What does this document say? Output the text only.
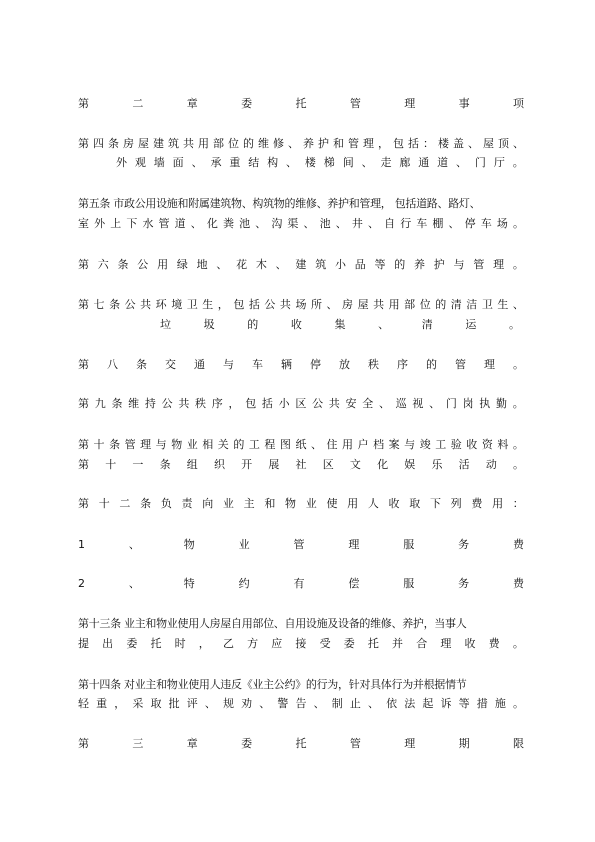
第	二	章	委	托	管	理	事	项
第 四 条 房 屋 建 筑 共 用 部 位 的 维 修 、 养 护 和 管 理 ， 包 括 ： 楼 盖 、 屋 顶 、
外 观 墙 面 、 承 重 结 构 、 楼 梯 间 、 走 廊 通 道 、 门 厅 。
第五条 市政公用设施和附属建筑物、构筑物的维修、养护和管理， 包括道路、路灯、
室 外 上 下 水 管 道 、 化 粪 池 、 沟 渠 、 池 、 井 、 自 行 车 棚 、 停 车 场 。
第 六 条 公 用 绿 地 、 花 木 、 建 筑 小 品 等 的 养 护 与 管 理 。
第 七 条 公 共 环 境 卫 生 ， 包 括 公 共 场 所 、 房 屋 共 用 部 位 的 清 洁 卫 生 、
垃	圾	的	收	集	、	清	运	。
第 八 条 交 通 与 车 辆 停 放 秩 序 的 管 理 。
第 九 条 维 持 公 共 秩 序 ， 包 括 小 区 公 共 安 全 、 巡 视 、 门 岗 执 勤 。
第 十 条 管 理 与 物 业 相 关 的 工 程 图 纸 、 住 用 户 档 案 与 竣 工 验 收 资 料 。
第 十 一 条 组 织 开 展 社 区 文 化 娱 乐 活 动 。
第 十 二 条 负 责 向 业 主 和 物 业 使 用 人 收 取 下 列 费 用 ：
1	、	物	业	管	理	服	务	费
2	、	特	约	有	偿	服	务	费
第十三条 业主和物业使用人房屋自用部位、自用设施及设备的维修、养护，当事人
提 出 委 托 时 ， 乙 方 应 接 受 委 托 并 合 理 收 费 。
第十四条 对业主和物业使用人违反《业主公约》的行为，针对具体行为并根据情节
轻 重 ， 采 取 批 评 、 规 劝 、 警 告 、 制 止 、 依 法 起 诉 等 措 施 。
第	三	章	委	托	管	理	期	限
